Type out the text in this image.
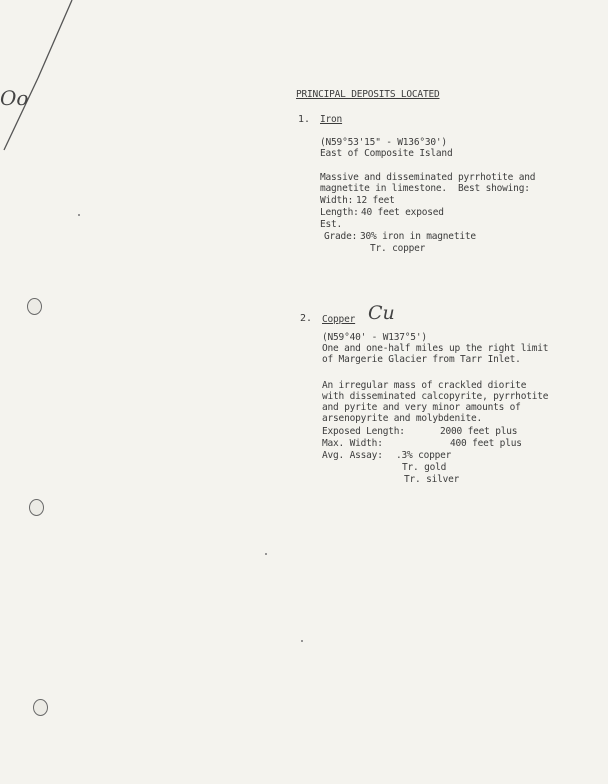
Oo	PRINCIPAL DEPOSITS LOCATED
1. Iron
(N59°53'15" - W136°30')
East of Composite Island
Massive and disseminated pyrrhotite and
magnetite in limestone.  Best showing:
Width: 12 feet
Length: 40 feet exposed
Est.
Grade: 30% iron in magnetite
Tr. copper
2. Copper Cu
(N59°40' - W137°5')
One and one-half miles up the right limit
of Margerie Glacier from Tarr Inlet.
An irregular mass of crackled diorite
with disseminated calcopyrite, pyrrhotite
and pyrite and very minor amounts of
arsenopyrite and molybdenite.
Exposed Length:	2000 feet plus
Max. Width:	400 feet plus
Avg. Assay: .3% copper
Tr. gold
Tr. silver
